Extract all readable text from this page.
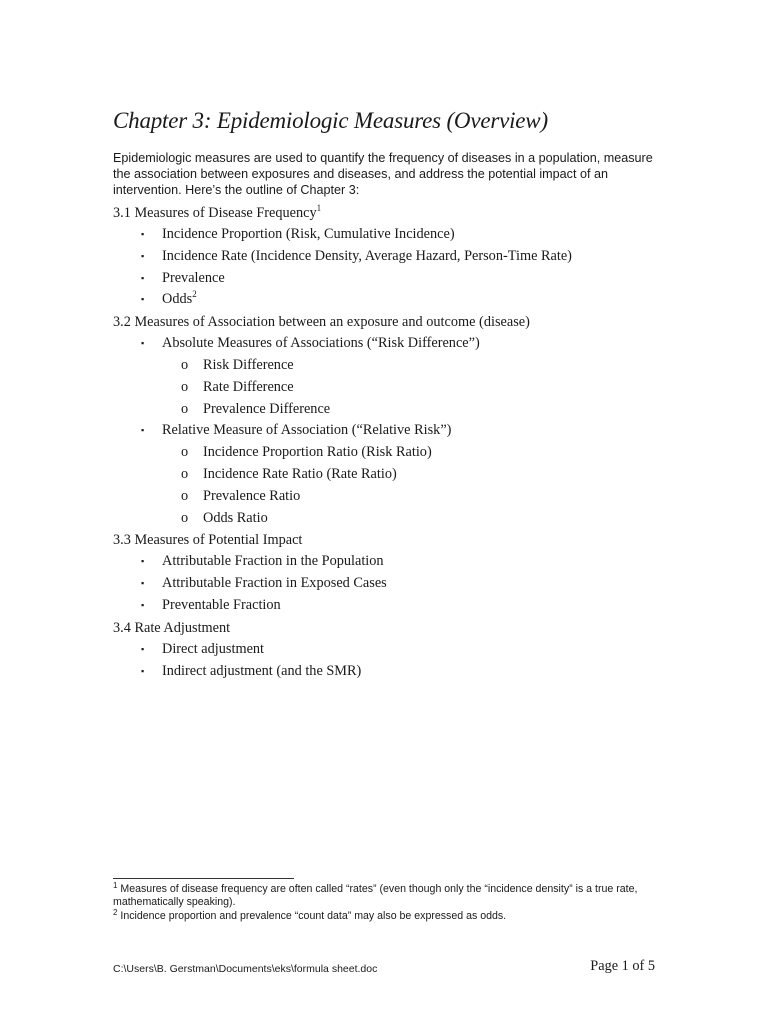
Chapter 3: Epidemiologic Measures (Overview)
Epidemiologic measures are used to quantify the frequency of diseases in a population, measure the association between exposures and diseases, and address the potential impact of an intervention. Here’s the outline of Chapter 3:
3.1 Measures of Disease Frequency$^1$
▪ Incidence Proportion (Risk, Cumulative Incidence)
▪ Incidence Rate (Incidence Density, Average Hazard, Person-Time Rate)
▪ Prevalence
▪ Odds$^2$
3.2 Measures of Association between an exposure and outcome (disease)
▪ Absolute Measures of Associations (“Risk Difference”)
o Risk Difference
o Rate Difference
o Prevalence Difference
▪ Relative Measure of Association (“Relative Risk”)
o Incidence Proportion Ratio (Risk Ratio)
o Incidence Rate Ratio (Rate Ratio)
o Prevalence Ratio
o Odds Ratio
3.3 Measures of Potential Impact
▪ Attributable Fraction in the Population
▪ Attributable Fraction in Exposed Cases
▪ Preventable Fraction
3.4 Rate Adjustment
▪ Direct adjustment
▪ Indirect adjustment (and the SMR)

$^1$ Measures of disease frequency are often called “rates” (even though only the “incidence density” is a true rate, mathematically speaking).

$^2$ Incidence proportion and prevalence “count data” may also be expressed as odds.

C:\Users\B. Gerstman\Documents\eks\formula sheet.doc	Page 1 of 5
